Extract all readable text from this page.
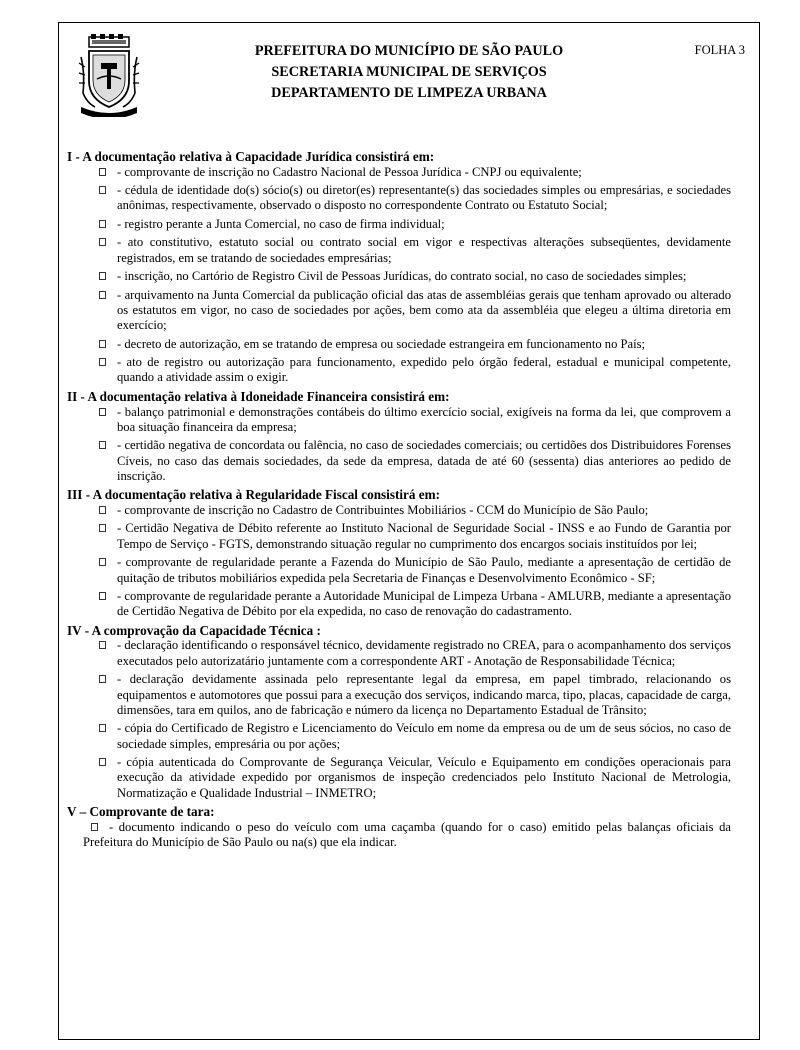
PREFEITURA DO MUNICÍPIO DE SÃO PAULO
SECRETARIA MUNICIPAL DE SERVIÇOS
DEPARTAMENTO DE LIMPEZA URBANA
FOLHA 3
I - A documentação relativa à Capacidade Jurídica consistirá em:
- comprovante de inscrição no Cadastro Nacional de Pessoa Jurídica - CNPJ ou equivalente;
- cédula de identidade do(s) sócio(s) ou diretor(es) representante(s) das sociedades simples ou empresárias, e sociedades anônimas, respectivamente, observado o disposto no correspondente Contrato ou Estatuto Social;
- registro perante a Junta Comercial, no caso de firma individual;
- ato constitutivo, estatuto social ou contrato social em vigor e respectivas alterações subseqüentes, devidamente registrados, em se tratando de sociedades empresárias;
- inscrição, no Cartório de Registro Civil de Pessoas Jurídicas, do contrato social, no caso de sociedades simples;
- arquivamento na Junta Comercial da publicação oficial das atas de assembléias gerais que tenham aprovado ou alterado os estatutos em vigor, no caso de sociedades por ações, bem como ata da assembléia que elegeu a última diretoria em exercício;
- decreto de autorização, em se tratando de empresa ou sociedade estrangeira em funcionamento no País;
- ato de registro ou autorização para funcionamento, expedido pelo órgão federal, estadual e municipal competente, quando a atividade assim o exigir.
II - A documentação relativa à Idoneidade Financeira consistirá em:
- balanço patrimonial e demonstrações contábeis do último exercício social, exigíveis na forma da lei, que comprovem a boa situação financeira da empresa;
- certidão negativa de concordata ou falência, no caso de sociedades comerciais; ou certidões dos Distribuidores Forenses Cíveis, no caso das demais sociedades, da sede da empresa, datada de até 60 (sessenta) dias anteriores ao pedido de inscrição.
III - A documentação relativa à Regularidade Fiscal consistirá em:
- comprovante de inscrição no Cadastro de Contribuintes Mobiliários - CCM do Município de São Paulo;
- Certidão Negativa de Débito referente ao Instituto Nacional de Seguridade Social - INSS e ao Fundo de Garantia por Tempo de Serviço - FGTS, demonstrando situação regular no cumprimento dos encargos sociais instituídos por lei;
- comprovante de regularidade perante a Fazenda do Município de São Paulo, mediante a apresentação de certidão de quitação de tributos mobiliários expedida pela Secretaria de Finanças e Desenvolvimento Econômico - SF;
- comprovante de regularidade perante a Autoridade Municipal de Limpeza Urbana - AMLURB, mediante a apresentação de Certidão Negativa de Débito por ela expedida, no caso de renovação do cadastramento.
IV - A comprovação da Capacidade Técnica :
- declaração identificando o responsável técnico, devidamente registrado no CREA, para o acompanhamento dos serviços executados pelo autorizatário juntamente com a correspondente ART - Anotação de Responsabilidade Técnica;
- declaração devidamente assinada pelo representante legal da empresa, em papel timbrado, relacionando os equipamentos e automotores que possui para a execução dos serviços, indicando marca, tipo, placas, capacidade de carga, dimensões, tara em quilos, ano de fabricação e número da licença no Departamento Estadual de Trânsito;
- cópia do Certificado de Registro e Licenciamento do Veículo em nome da empresa ou de um de seus sócios, no caso de sociedade simples, empresária ou por ações;
- cópia autenticada do Comprovante de Segurança Veicular, Veículo e Equipamento em condições operacionais para execução da atividade expedido por organismos de inspeção credenciados pelo Instituto Nacional de Metrologia, Normatização e Qualidade Industrial – INMETRO;
V – Comprovante de tara:
- documento indicando o peso do veículo com uma caçamba (quando for o caso) emitido pelas balanças oficiais da Prefeitura do Município de São Paulo ou na(s) que ela indicar.
